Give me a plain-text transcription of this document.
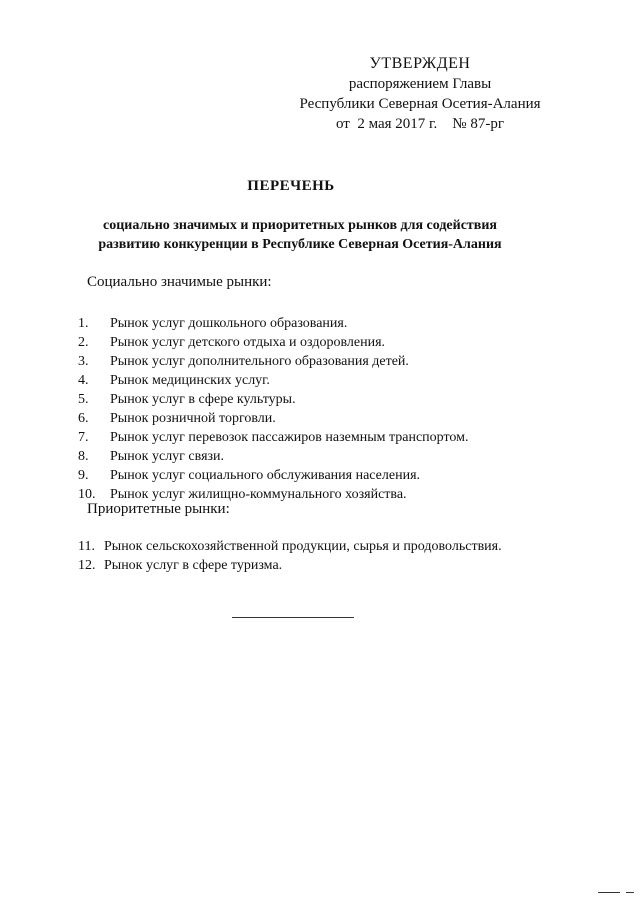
УТВЕРЖДЕН
распоряжением Главы
Республики Северная Осетия-Алания
от 2 мая 2017 г. № 87-рг
ПЕРЕЧЕНЬ
социально значимых и приоритетных рынков для содействия
развитию конкуренции в Республике Северная Осетия-Алания
Социально значимые рынки:
1.	Рынок услуг дошкольного образования.
2.	Рынок услуг детского отдыха и оздоровления.
3.	Рынок услуг дополнительного образования детей.
4.	Рынок медицинских услуг.
5.	Рынок услуг в сфере культуры.
6.	Рынок розничной торговли.
7.	Рынок услуг перевозок пассажиров наземным транспортом.
8.	Рынок услуг связи.
9.	Рынок услуг социального обслуживания населения.
10.	Рынок услуг жилищно-коммунального хозяйства.
Приоритетные рынки:
11. Рынок сельскохозяйственной продукции, сырья и продовольствия.
12. Рынок услуг в сфере туризма.
